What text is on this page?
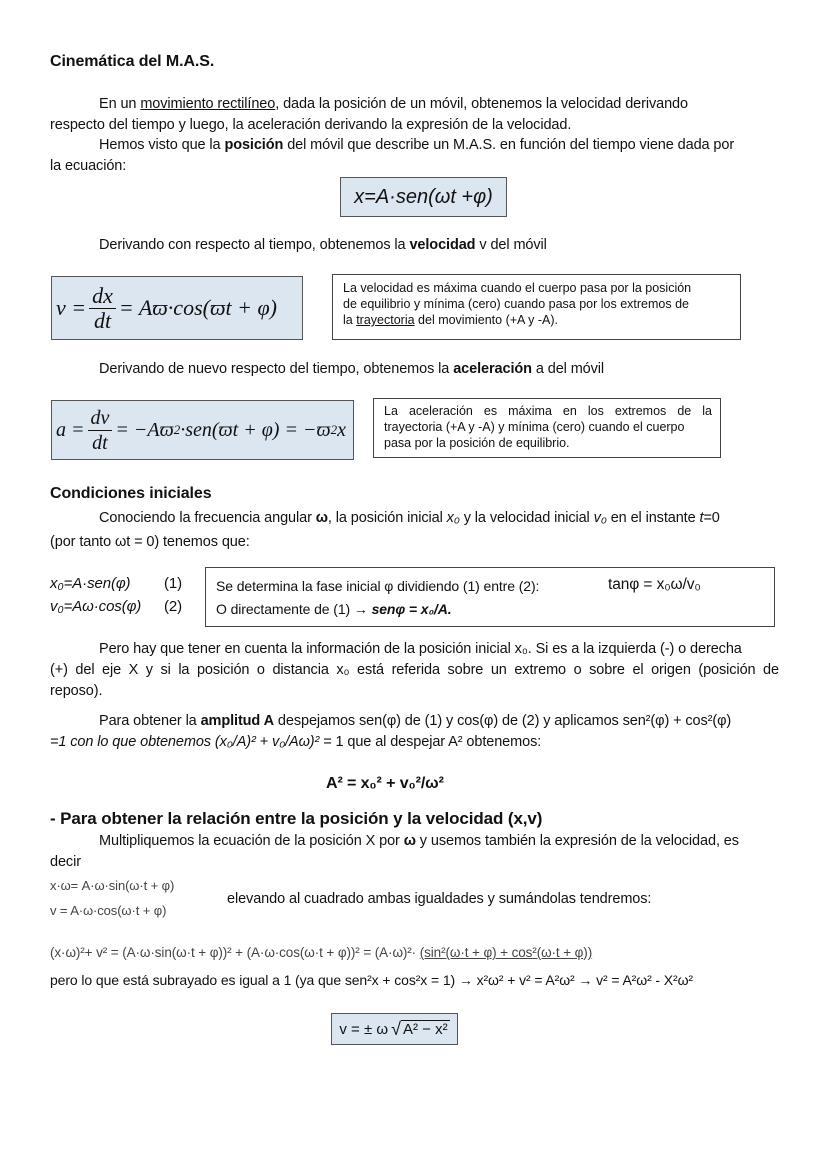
Cinemática del M.A.S.
En un movimiento rectilíneo, dada la posición de un móvil, obtenemos la velocidad derivando
respecto del tiempo y luego, la aceleración derivando la expresión de la velocidad.
Hemos visto que la posición del móvil que describe un M.A.S. en función del tiempo viene dada por
la ecuación:
x=A·sen(ωt +φ)
Derivando con respecto al tiempo, obtenemos la velocidad v del móvil
$v = \frac{dx}{dt} = Aϖ\cdot\cos(ϖt + \varphi)$
La velocidad es máxima cuando el cuerpo pasa por la posición
de equilibrio y mínima (cero) cuando pasa por los extremos de
la trayectoria del movimiento (+A y -A).
Derivando de nuevo respecto del tiempo, obtenemos la aceleración a del móvil
$a = \frac{dv}{dt} = -Aϖ$ 2 ·sen(ϖt + φ) = −ϖ 2 x
La aceleración es máxima en los extremos de la
trayectoria (+A y -A) y mínima (cero) cuando el cuerpo
pasa por la posición de equilibrio.
Condiciones iniciales
Conociendo la frecuencia angular ω, la posición inicial x₀ y la velocidad inicial v₀ en el instante t=0
(por tanto ωt = 0) tenemos que:
x₀=A·sen(φ) (1)
v₀=Aω·cos(φ) (2)
Se determina la fase inicial φ dividiendo (1) entre (2):	tanφ = x₀ω/v₀
O directamente de (1) → senφ = x₀/A.
Pero hay que tener en cuenta la información de la posición inicial x₀. Si es a la izquierda (-) o derecha
(+) del eje X y si la posición o distancia x₀ está referida sobre un extremo o sobre el origen (posición de
reposo).
Para obtener la amplitud A despejamos sen(φ) de (1) y cos(φ) de (2) y aplicamos sen²(φ) + cos²(φ)
=1 con lo que obtenemos (x₀/A)² + v₀/Aω)² = 1 que al despejar A² obtenemos:
A² = x₀² + v₀²/ω²
- Para obtener la relación entre la posición y la velocidad (x,v)
Multipliquemos la ecuación de la posición X por ω y usemos también la expresión de la velocidad, es
decir
x·ω= A·ω·sin(ω·t + φ)
v = A·ω·cos(ω·t + φ)
elevando al cuadrado ambas igualdades y sumándolas tendremos:
(x·ω)²+ v² = (A·ω·sin(ω·t + φ))² + (A·ω·cos(ω·t + φ))² = (A·ω)²· (sin²(ω·t + φ) + cos²(ω·t + φ))
pero lo que está subrayado es igual a 1 (ya que sen²x + cos²x = 1) → x²ω² + v² = A²ω² → v² = A²ω² - X²ω²
v = ± ω √ A² − x²
